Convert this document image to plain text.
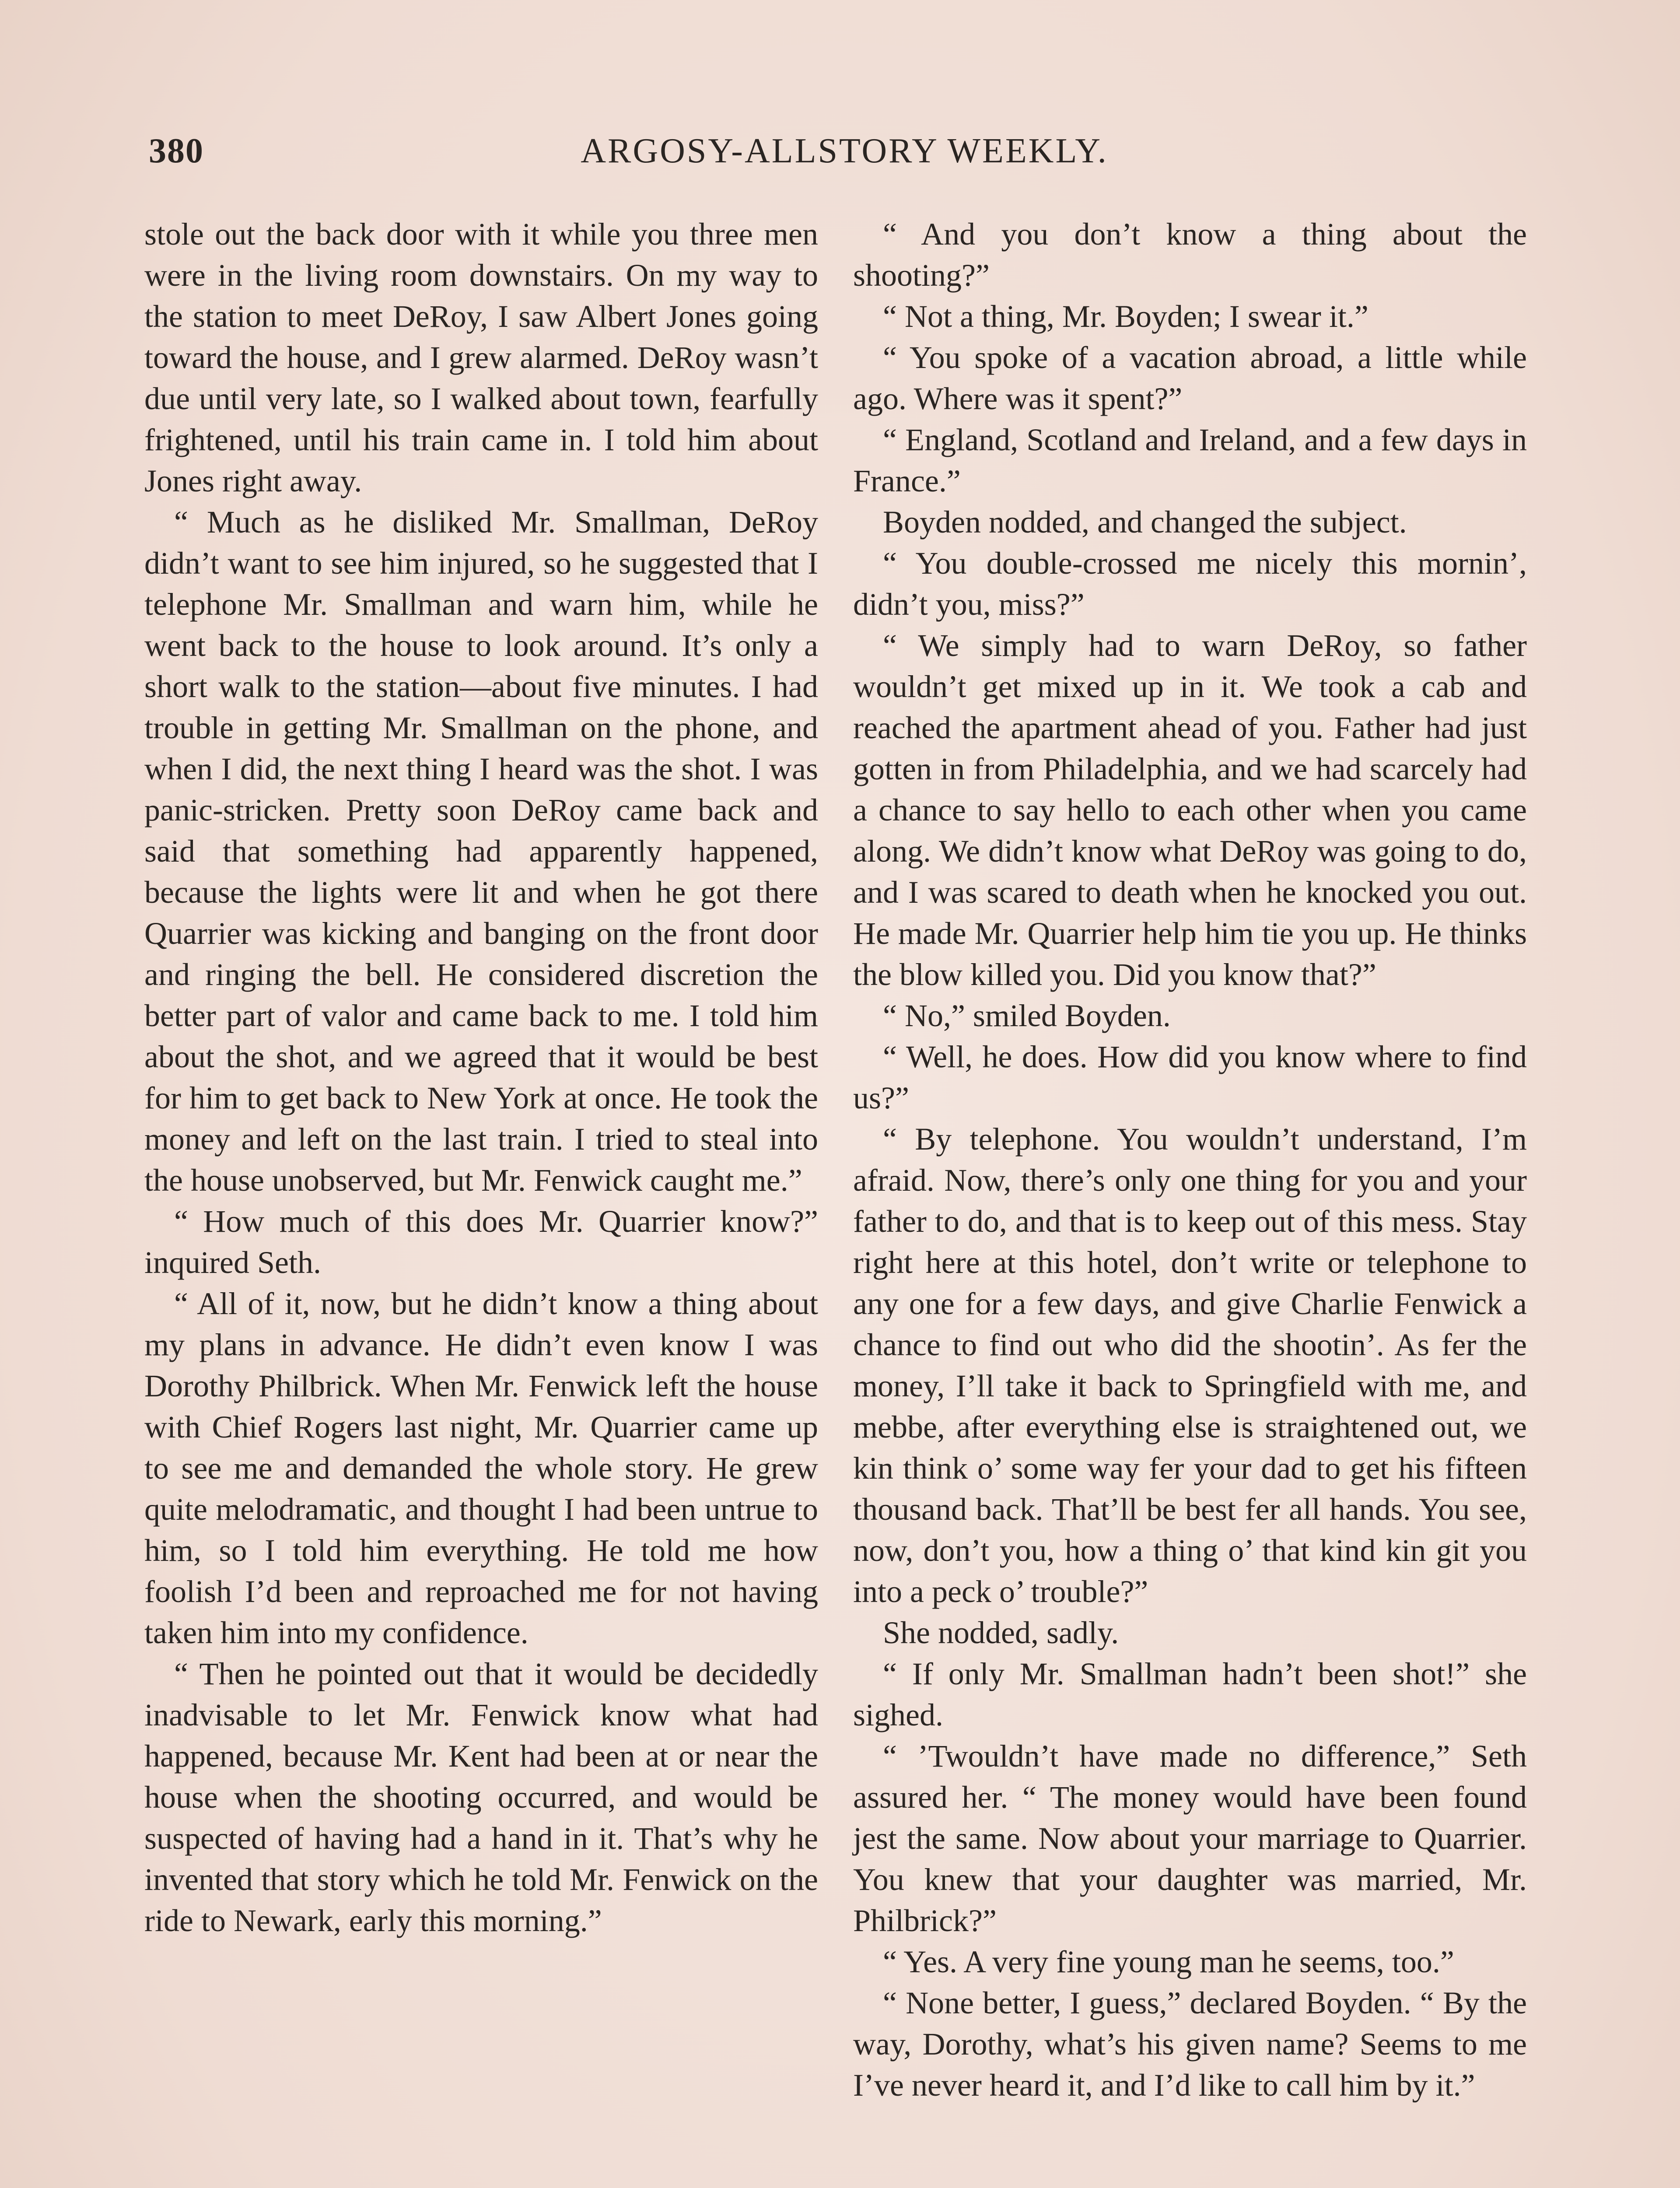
380	ARGOSY-ALLSTORY WEEKLY.

stole out the back door with it while you three men were in the living room downstairs. On my way to the station to meet DeRoy, I saw Albert Jones going toward the house, and I grew alarmed. DeRoy wasn’t due until very late, so I walked about town, fearfully frightened, until his train came in. I told him about Jones right away.

“ Much as he disliked Mr. Smallman, DeRoy didn’t want to see him injured, so he suggested that I telephone Mr. Smallman and warn him, while he went back to the house to look around. It’s only a short walk to the station—about five minutes. I had trouble in getting Mr. Smallman on the phone, and when I did, the next thing I heard was the shot. I was panic-stricken. Pretty soon DeRoy came back and said that something had apparently happened, because the lights were lit and when he got there Quarrier was kicking and banging on the front door and ringing the bell. He considered discretion the better part of valor and came back to me. I told him about the shot, and we agreed that it would be best for him to get back to New York at once. He took the money and left on the last train. I tried to steal into the house unobserved, but Mr. Fenwick caught me.”

“ How much of this does Mr. Quarrier know?” inquired Seth.

“ All of it, now, but he didn’t know a thing about my plans in advance. He didn’t even know I was Dorothy Philbrick. When Mr. Fenwick left the house with Chief Rogers last night, Mr. Quarrier came up to see me and demanded the whole story. He grew quite melodramatic, and thought I had been untrue to him, so I told him everything. He told me how foolish I’d been and reproached me for not having taken him into my confidence.

“ Then he pointed out that it would be decidedly inadvisable to let Mr. Fenwick know what had happened, because Mr. Kent had been at or near the house when the shooting occurred, and would be suspected of having had a hand in it. That’s why he invented that story which he told Mr. Fenwick on the ride to Newark, early this morning.”

“ And you don’t know a thing about the shooting?”

“ Not a thing, Mr. Boyden; I swear it.”

“ You spoke of a vacation abroad, a little while ago. Where was it spent?”

“ England, Scotland and Ireland, and a few days in France.”

Boyden nodded, and changed the subject.

“ You double-crossed me nicely this mornin’, didn’t you, miss?”

“ We simply had to warn DeRoy, so father wouldn’t get mixed up in it. We took a cab and reached the apartment ahead of you. Father had just gotten in from Philadelphia, and we had scarcely had a chance to say hello to each other when you came along. We didn’t know what DeRoy was going to do, and I was scared to death when he knocked you out. He made Mr. Quarrier help him tie you up. He thinks the blow killed you. Did you know that?”

“ No,” smiled Boyden.

“ Well, he does. How did you know where to find us?”

“ By telephone. You wouldn’t understand, I’m afraid. Now, there’s only one thing for you and your father to do, and that is to keep out of this mess. Stay right here at this hotel, don’t write or telephone to any one for a few days, and give Charlie Fenwick a chance to find out who did the shootin’. As fer the money, I’ll take it back to Springfield with me, and mebbe, after everything else is straightened out, we kin think o’ some way fer your dad to get his fifteen thousand back. That’ll be best fer all hands. You see, now, don’t you, how a thing o’ that kind kin git you into a peck o’ trouble?”

She nodded, sadly.

“ If only Mr. Smallman hadn’t been shot!” she sighed.

“ ’Twouldn’t have made no difference,” Seth assured her. “ The money would have been found jest the same. Now about your marriage to Quarrier. You knew that your daughter was married, Mr. Philbrick?”

“ Yes. A very fine young man he seems, too.”

“ None better, I guess,” declared Boyden. “ By the way, Dorothy, what’s his given name? Seems to me I’ve never heard it, and I’d like to call him by it.”
